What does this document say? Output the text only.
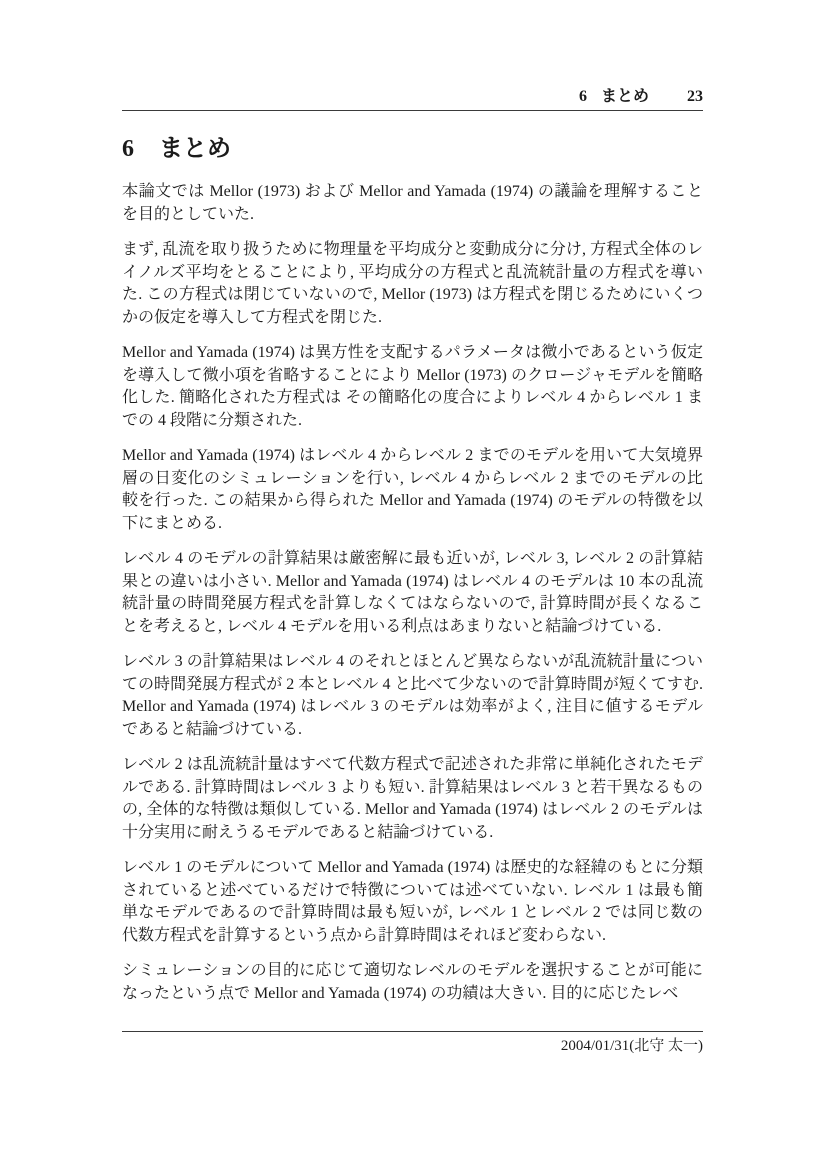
6 まとめ 23
6 まとめ

本論文では Mellor (1973) および Mellor and Yamada (1974) の議論を理解することを目的としていた.

まず, 乱流を取り扱うために物理量を平均成分と変動成分に分け, 方程式全体のレイノルズ平均をとることにより, 平均成分の方程式と乱流統計量の方程式を導いた. この方程式は閉じていないので, Mellor (1973) は方程式を閉じるためにいくつかの仮定を導入して方程式を閉じた.

Mellor and Yamada (1974) は異方性を支配するパラメータは微小であるという仮定を導入して微小項を省略することにより Mellor (1973) のクロージャモデルを簡略化した. 簡略化された方程式は その簡略化の度合によりレベル 4 からレベル 1 までの 4 段階に分類された.

Mellor and Yamada (1974) はレベル 4 からレベル 2 までのモデルを用いて大気境界層の日変化のシミュレーションを行い, レベル 4 からレベル 2 までのモデルの比較を行った. この結果から得られた Mellor and Yamada (1974) のモデルの特徴を以下にまとめる.

レベル 4 のモデルの計算結果は厳密解に最も近いが, レベル 3, レベル 2 の計算結果との違いは小さい. Mellor and Yamada (1974) はレベル 4 のモデルは 10 本の乱流統計量の時間発展方程式を計算しなくてはならないので, 計算時間が長くなることを考えると, レベル 4 モデルを用いる利点はあまりないと結論づけている.

レベル 3 の計算結果はレベル 4 のそれとほとんど異ならないが乱流統計量についての時間発展方程式が 2 本とレベル 4 と比べて少ないので計算時間が短くてすむ. Mellor and Yamada (1974) はレベル 3 のモデルは効率がよく, 注目に値するモデルであると結論づけている.

レベル 2 は乱流統計量はすべて代数方程式で記述された非常に単純化されたモデルである. 計算時間はレベル 3 よりも短い. 計算結果はレベル 3 と若干異なるものの, 全体的な特徴は類似している. Mellor and Yamada (1974) はレベル 2 のモデルは十分実用に耐えうるモデルであると結論づけている.

レベル 1 のモデルについて Mellor and Yamada (1974) は歴史的な経緯のもとに分類されていると述べているだけで特徴については述べていない. レベル 1 は最も簡単なモデルであるので計算時間は最も短いが, レベル 1 とレベル 2 では同じ数の代数方程式を計算するという点から計算時間はそれほど変わらない.

シミュレーションの目的に応じて適切なレベルのモデルを選択することが可能になったという点で Mellor and Yamada (1974) の功績は大きい. 目的に応じたレベ

2004/01/31(北守 太一)
